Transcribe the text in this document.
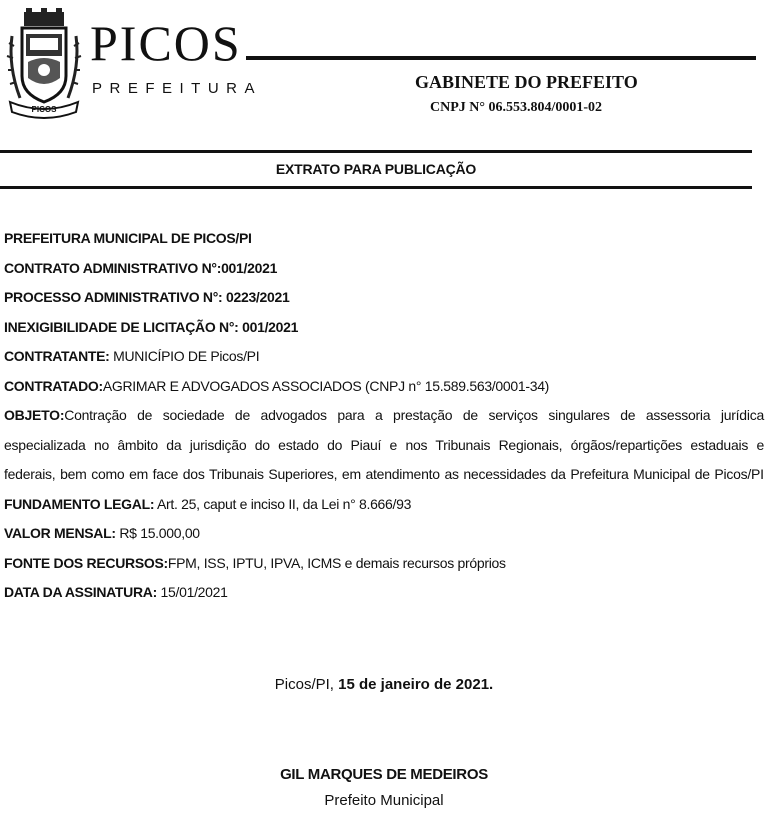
PICOS
PICOS
PREFEITURA	GABINETE DO PREFEITO
CNPJ N° 06.553.804/0001-02
EXTRATO PARA PUBLICAÇÃO
PREFEITURA MUNICIPAL DE PICOS/PI
CONTRATO ADMINISTRATIVO N°:001/2021
PROCESSO ADMINISTRATIVO N°: 0223/2021
INEXIGIBILIDADE DE LICITAÇÃO N°: 001/2021
CONTRATANTE: MUNICÍPIO DE Picos/PI
CONTRATADO:AGRIMAR E ADVOGADOS ASSOCIADOS (CNPJ n° 15.589.563/0001-34)
OBJETO:Contração de sociedade de advogados para a prestação de serviços singulares de assessoria jurídica especializada no âmbito da jurisdição do estado do Piauí e nos Tribunais Regionais, órgãos/repartições estaduais e federais, bem como em face dos Tribunais Superiores, em atendimento as necessidades da Prefeitura Municipal de Picos/PI
FUNDAMENTO LEGAL: Art. 25, caput e inciso II, da Lei n° 8.666/93
VALOR MENSAL: R$ 15.000,00
FONTE DOS RECURSOS:FPM, ISS, IPTU, IPVA, ICMS e demais recursos próprios
DATA DA ASSINATURA: 15/01/2021
Picos/PI, 15 de janeiro de 2021.
GIL MARQUES DE MEDEIROS
Prefeito Municipal
